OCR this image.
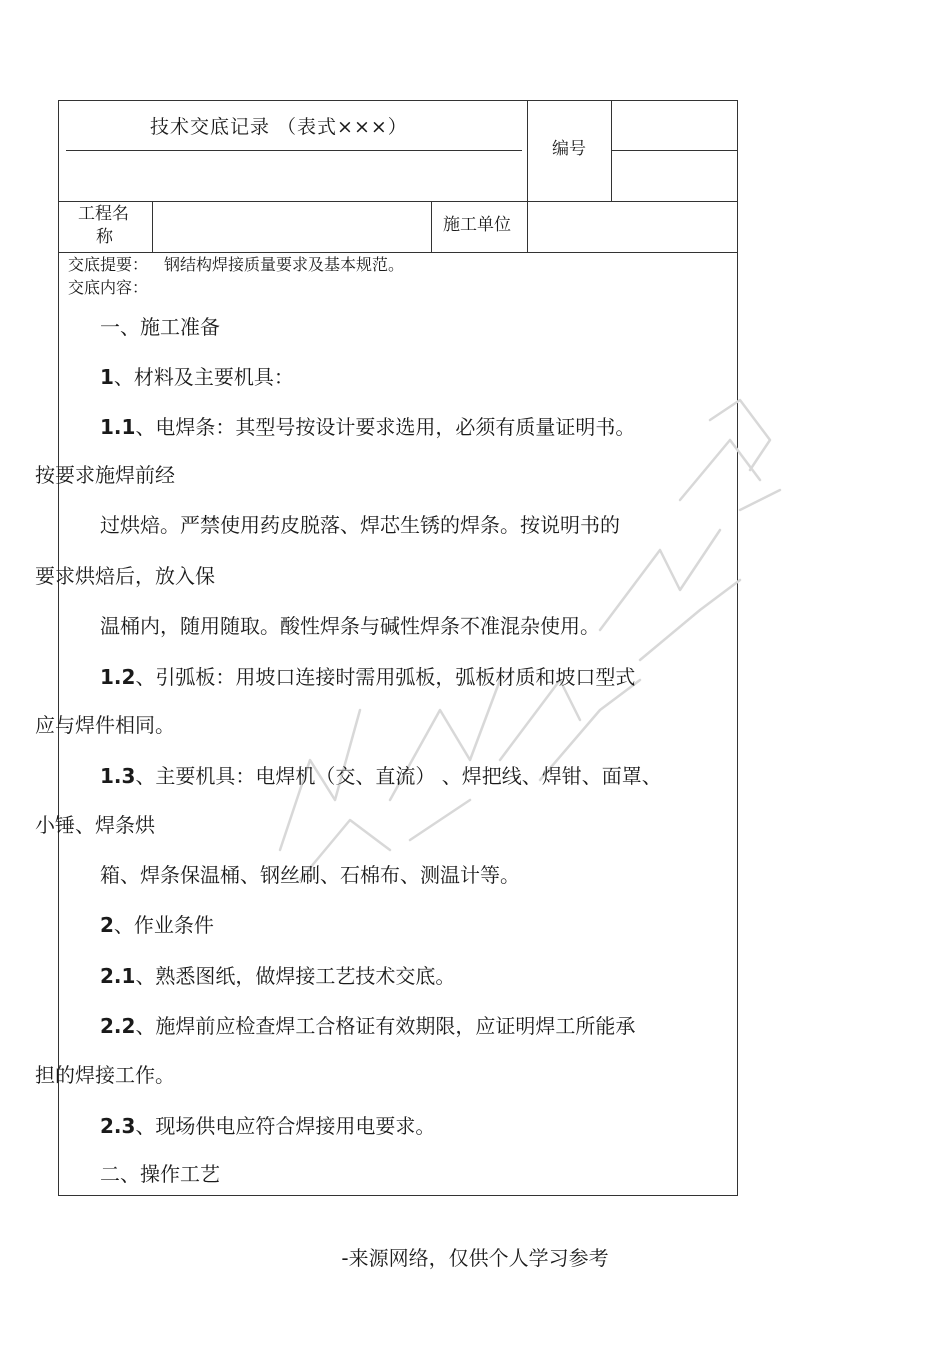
技术交底记录 （表式×××）
编号
工程名
称
施工单位
交底提要： 钢结构焊接质量要求及基本规范。
交底内容：
一、施工准备
1、材料及主要机具：
1.1、电焊条：其型号按设计要求选用，必须有质量证明书。
按要求施焊前经
过烘焙。严禁使用药皮脱落、焊芯生锈的焊条。按说明书的
要求烘焙后，放入保
温桶内，随用随取。酸性焊条与碱性焊条不准混杂使用。
1.2、引弧板：用坡口连接时需用弧板，弧板材质和坡口型式
应与焊件相同。
1.3、主要机具：电焊机（交、直流） 、焊把线、焊钳、面罩、
小锤、焊条烘
箱、焊条保温桶、钢丝刷、石棉布、测温计等。
2、作业条件
2.1、熟悉图纸，做焊接工艺技术交底。
2.2、施焊前应检查焊工合格证有效期限，应证明焊工所能承
担的焊接工作。
2.3、现场供电应符合焊接用电要求。
二、操作工艺
-来源网络，仅供个人学习参考
